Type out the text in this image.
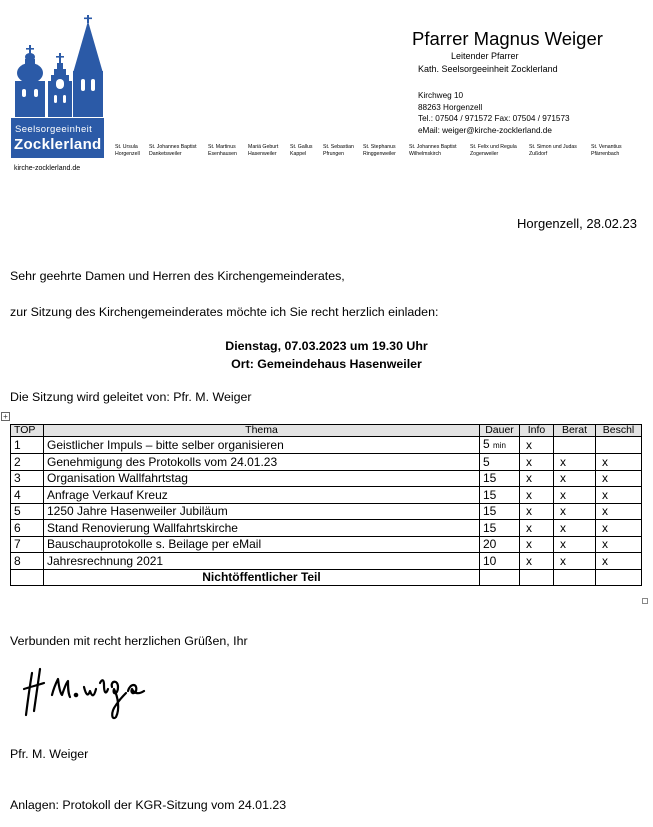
Seelsorgeeinheit
Zocklerland
kirche-zocklerland.de
St. Ursula
Horgenzell
St. Johannes Baptist
Danketsweiler
St. Martinus
Esenhausen
Mariä Geburt
Hasenweiler
St. Gallus
Kappel
St. Sebastian
Pfrungen
St. Stephanus
Ringgenweiler
St. Johannes Baptist
Wilhelmskirch
St. Felix und Regula
Zogenweiler
St. Simon und Judas
Zußdorf
St. Venantius
Pfärrenbach
Pfarrer Magnus Weiger
Leitender Pfarrer
Kath. Seelsorgeeinheit Zocklerland
Kirchweg 10
88263 Horgenzell
Tel.: 07504 / 971572 Fax: 07504 / 971573
eMail: weiger@kirche-zocklerland.de
Horgenzell, 28.02.23
Sehr geehrte Damen und Herren des Kirchengemeinderates,
zur Sitzung des Kirchengemeinderates möchte ich Sie recht herzlich einladen:
Dienstag, 07.03.2023 um 19.30 Uhr
Ort: Gemeindehaus Hasenweiler
Die Sitzung wird geleitet von: Pfr. M. Weiger
+
TOP	Thema	Dauer	Info	Berat	Beschl
1	Geistlicher Impuls – bitte selber organisieren	5 min	x		
2	Genehmigung des Protokolls vom 24.01.23	5	x	x	x
3	Organisation Wallfahrtstag	15	x	x	x
4	Anfrage Verkauf Kreuz	15	x	x	x
5	1250 Jahre Hasenweiler Jubiläum	15	x	x	x
6	Stand Renovierung Wallfahrtskirche	15	x	x	x
7	Bauschauprotokolle s. Beilage per eMail	20	x	x	x
8	Jahresrechnung 2021	10	x	x	x
	Nichtöffentlicher Teil				
Verbunden mit recht herzlichen Grüßen, Ihr
Pfr. M. Weiger
Anlagen: Protokoll der KGR-Sitzung vom 24.01.23
